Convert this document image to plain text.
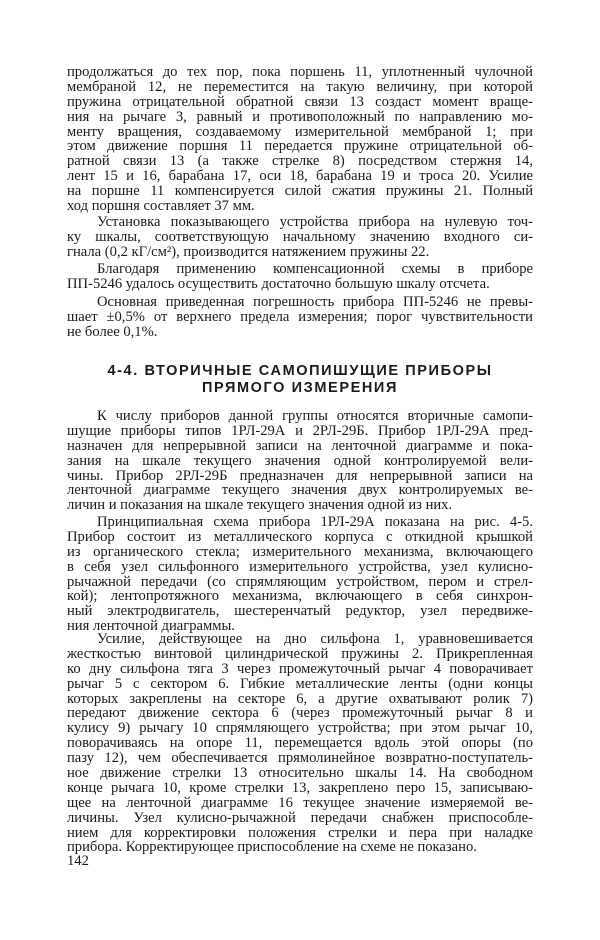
4-4. ВТОРИЧНЫЕ САМОПИШУЩИЕ ПРИБОРЫ
ПРЯМОГО ИЗМЕРЕНИЯ
142
продолжаться до тех пор, пока поршень 11, уплотненный чулочной
мембраной 12, не переместится на такую величину, при которой
пружина отрицательной обратной связи 13 создаст момент враще-
ния на рычаге 3, равный и противоположный по направлению мо-
менту вращения, создаваемому измерительной мембраной 1; при
этом движение поршня 11 передается пружине отрицательной об-
ратной связи 13 (а также стрелке 8) посредством стержня 14,
лент 15 и 16, барабана 17, оси 18, барабана 19 и троса 20. Усилие
на поршне 11 компенсируется силой сжатия пружины 21. Полный
ход поршня составляет 37 мм.
Установка показывающего устройства прибора на нулевую точ-
ку шкалы, соответствующую начальному значению входного си-
гнала (0,2 кГ/см²), производится натяжением пружины 22.
Благодаря применению компенсационной схемы в приборе
ПП-5246 удалось осуществить достаточно большую шкалу отсчета.
Основная приведенная погрешность прибора ПП-5246 не превы-
шает ±0,5% от верхнего предела измерения; порог чувствительности
не более 0,1%.
К числу приборов данной группы относятся вторичные самопи-
шущие приборы типов 1РЛ-29А и 2РЛ-29Б. Прибор 1РЛ-29А пред-
назначен для непрерывной записи на ленточной диаграмме и пока-
зания на шкале текущего значения одной контролируемой вели-
чины. Прибор 2РЛ-29Б предназначен для непрерывной записи на
ленточной диаграмме текущего значения двух контролируемых ве-
личин и показания на шкале текущего значения одной из них.
Принципиальная схема прибора 1РЛ-29А показана на рис. 4-5.
Прибор состоит из металлического корпуса с откидной крышкой
из органического стекла; измерительного механизма, включающего
в себя узел сильфонного измерительного устройства, узел кулисно-
рычажной передачи (со спрямляющим устройством, пером и стрел-
кой); лентопротяжного механизма, включающего в себя синхрон-
ный электродвигатель, шестеренчатый редуктор, узел передвиже-
ния ленточной диаграммы.
Усилие, действующее на дно сильфона 1, уравновешивается
жесткостью винтовой цилиндрической пружины 2. Прикрепленная
ко дну сильфона тяга 3 через промежуточный рычаг 4 поворачивает
рычаг 5 с сектором 6. Гибкие металлические ленты (одни концы
которых закреплены на секторе 6, а другие охватывают ролик 7)
передают движение сектора 6 (через промежуточный рычаг 8 и
кулису 9) рычагу 10 спрямляющего устройства; при этом рычаг 10,
поворачиваясь на опоре 11, перемещается вдоль этой опоры (по
пазу 12), чем обеспечивается прямолинейное возвратно-поступатель-
ное движение стрелки 13 относительно шкалы 14. На свободном
конце рычага 10, кроме стрелки 13, закреплено перо 15, записываю-
щее на ленточной диаграмме 16 текущее значение измеряемой ве-
личины. Узел кулисно-рычажной передачи снабжен приспособле-
нием для корректировки положения стрелки и пера при наладке
прибора. Корректирующее приспособление на схеме не показано.
